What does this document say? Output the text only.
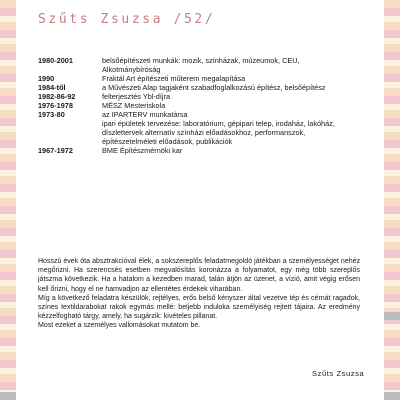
Szűts Zsuzsa /52/
1980-2001	belsőépítészeti munkák: mozik, színházak, múzeumok, CEU, Alkotmánybíróság
1990	Fraktál Art építészeti műterem megalapítása
1984-től	a Művészeti Alap tagjaként szabadfoglalkozású építész, belsőépítész
1982-86-92	felterjesztés Ybl-díjra
1976-1978	MÉSZ Mesteriskola
1973-80	az IPARTERV munkatársa
ipari épületek tervezése: laboratórium, gépipari telep, irodaház, lakóház, díszlettervek alternatív színházi előadásokhoz, performanszok, építészetelméleti előadások, publikációk
1967-1972	BME Építészmérnöki kar

Hosszú évek óta absztrakcióval élek, a sokszereplős feladatmegoldó játékban a személyességet nehéz megőrizni. Ha szerencsés esetben megvalósítás koronázza a folyamatot, egy még több szereplős játszma következik. Ha a hatalom a kezedben marad, talán átjön az üzenet, a vízió, amit végig erősen kell őrizni, hogy el ne hamvadjon az ellentétes érdekek viharában.

Míg a következő feladatra készülök, rejtélyes, erős belső kényszer által vezetve tép és cérnát ragadok, színes textildarabokat rakok egymás mellé: beljebb induloka személyiség rejtett tájaira. Az eredmény kézzelfogható tárgy, amely, ha sugárzik: kivételes pillanat.

Most ezeket a személyes vallomásokat mutatom be.

Szűts Zsuzsa
